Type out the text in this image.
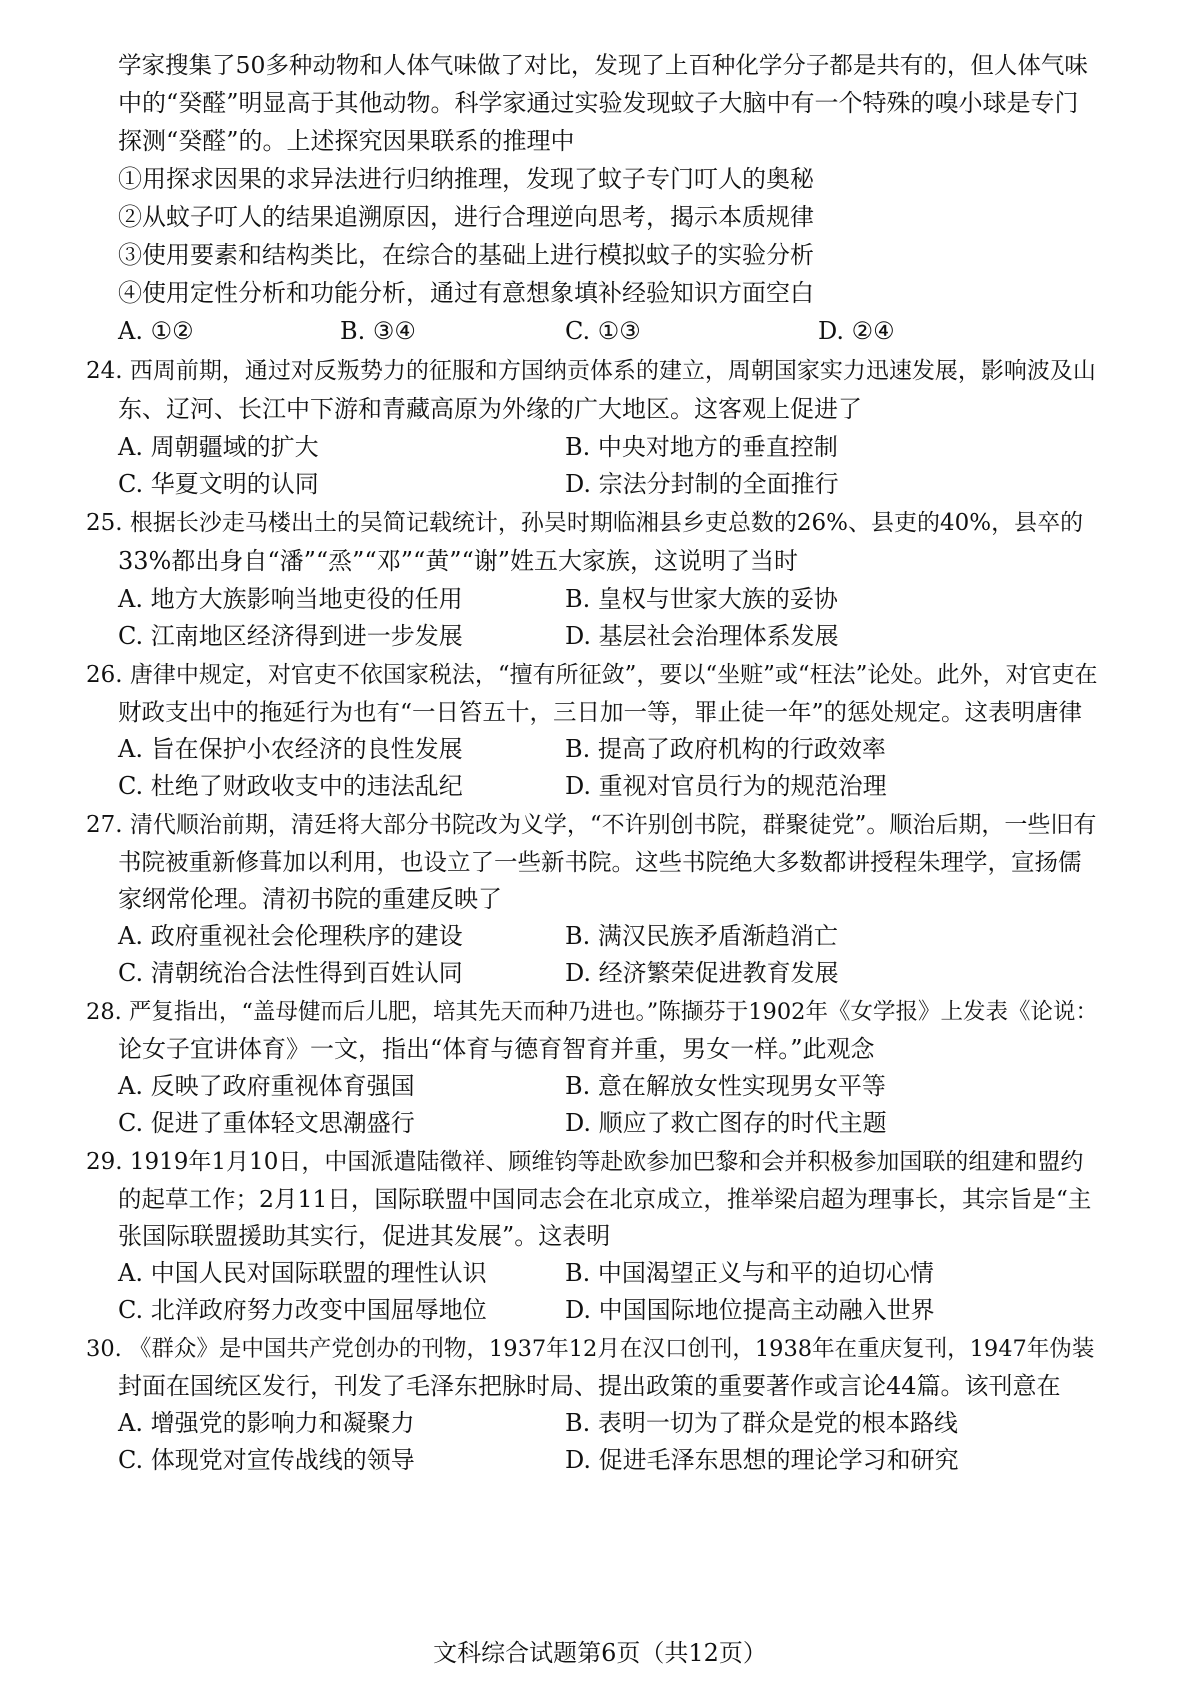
学家搜集了50多种动物和人体气味做了对比，发现了上百种化学分子都是共有的，但人体气味
中的“癸醛”明显高于其他动物。科学家通过实验发现蚊子大脑中有一个特殊的嗅小球是专门
探测“癸醛”的。上述探究因果联系的推理中
①用探求因果的求异法进行归纳推理，发现了蚊子专门叮人的奥秘
②从蚊子叮人的结果追溯原因，进行合理逆向思考，揭示本质规律
③使用要素和结构类比，在综合的基础上进行模拟蚊子的实验分析
④使用定性分析和功能分析，通过有意想象填补经验知识方面空白
A. ①②	B. ③④	C. ①③	D. ②④
24. 西周前期，通过对反叛势力的征服和方国纳贡体系的建立，周朝国家实力迅速发展，影响波及山
东、辽河、长江中下游和青藏高原为外缘的广大地区。这客观上促进了
A. 周朝疆域的扩大	B. 中央对地方的垂直控制
C. 华夏文明的认同	D. 宗法分封制的全面推行
25. 根据长沙走马楼出土的吴简记载统计，孙吴时期临湘县乡吏总数的26%、县吏的40%，县卒的
33%都出身自“潘”“烝”“邓”“黄”“谢”姓五大家族，这说明了当时
A. 地方大族影响当地吏役的任用	B. 皇权与世家大族的妥协
C. 江南地区经济得到进一步发展	D. 基层社会治理体系发展
26. 唐律中规定，对官吏不依国家税法，“擅有所征敛”，要以“坐赃”或“枉法”论处。此外，对官吏在
财政支出中的拖延行为也有“一日笞五十，三日加一等，罪止徒一年”的惩处规定。这表明唐律
A. 旨在保护小农经济的良性发展	B. 提高了政府机构的行政效率
C. 杜绝了财政收支中的违法乱纪	D. 重视对官员行为的规范治理
27. 清代顺治前期，清廷将大部分书院改为义学，“不许别创书院，群聚徒党”。顺治后期，一些旧有
书院被重新修葺加以利用，也设立了一些新书院。这些书院绝大多数都讲授程朱理学，宣扬儒
家纲常伦理。清初书院的重建反映了
A. 政府重视社会伦理秩序的建设	B. 满汉民族矛盾渐趋消亡
C. 清朝统治合法性得到百姓认同	D. 经济繁荣促进教育发展
28. 严复指出，“盖母健而后儿肥，培其先天而种乃进也。”陈撷芬于1902年《女学报》上发表《论说：
论女子宜讲体育》一文，指出“体育与德育智育并重，男女一样。”此观念
A. 反映了政府重视体育强国	B. 意在解放女性实现男女平等
C. 促进了重体轻文思潮盛行	D. 顺应了救亡图存的时代主题
29. 1919年1月10日，中国派遣陆徵祥、顾维钧等赴欧参加巴黎和会并积极参加国联的组建和盟约
的起草工作；2月11日，国际联盟中国同志会在北京成立，推举梁启超为理事长，其宗旨是“主
张国际联盟援助其实行，促进其发展”。这表明
A. 中国人民对国际联盟的理性认识	B. 中国渴望正义与和平的迫切心情
C. 北洋政府努力改变中国屈辱地位	D. 中国国际地位提高主动融入世界
30. 《群众》是中国共产党创办的刊物，1937年12月在汉口创刊，1938年在重庆复刊，1947年伪装
封面在国统区发行，刊发了毛泽东把脉时局、提出政策的重要著作或言论44篇。该刊意在
A. 增强党的影响力和凝聚力	B. 表明一切为了群众是党的根本路线
C. 体现党对宣传战线的领导	D. 促进毛泽东思想的理论学习和研究
文科综合试题第6页（共12页）
